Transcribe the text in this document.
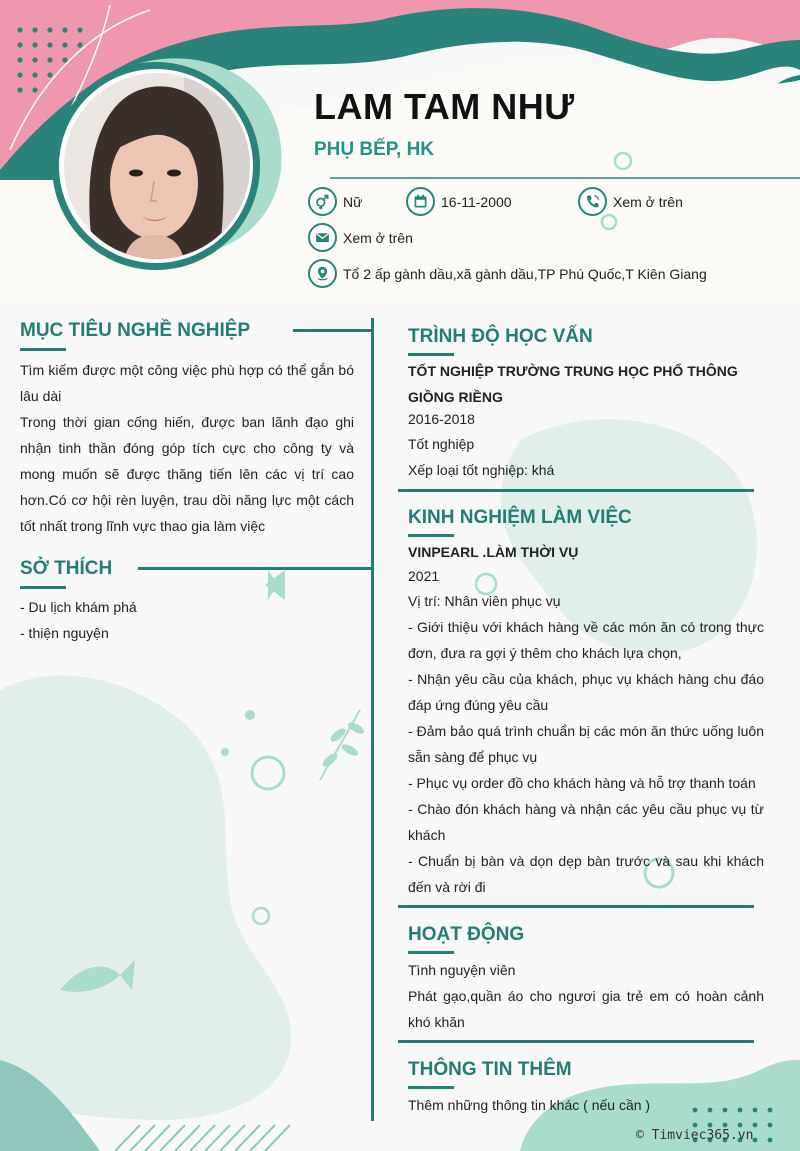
LAM TAM NHƯ
PHỤ BẾP, HK
Nữ	16-11-2000	Xem ở trên
Xem ở trên
Tổ 2 ấp gành dầu,xã gành dầu,TP Phú Quốc,T Kiên Giang
MỤC TIÊU NGHỀ NGHIỆP
Tìm kiếm được một công việc phù hợp có thể gắn bó lâu dài
Trong thời gian cống hiến, được ban lãnh đạo ghi nhận tinh thần đóng góp tích cực cho công ty và mong muốn sẽ được thăng tiến lên các vị trí cao hơn.Có cơ hội rèn luyện, trau dồi năng lực một cách tốt nhất trong lĩnh vực thao gia làm việc
SỞ THÍCH
- Du lịch khám phá
- thiện nguyện
TRÌNH ĐỘ HỌC VẤN
TỐT NGHIỆP TRƯỜNG TRUNG HỌC PHỔ THÔNG GIỒNG RIỀNG
2016-2018
Tốt nghiệp
Xếp loại tốt nghiệp: khá
KINH NGHIỆM LÀM VIỆC
VINPEARL .LÀM THỜI VỤ
2021
Vị trí: Nhân viên phục vụ
- Giới thiệu với khách hàng về các món ăn có trong thực đơn, đưa ra gợi ý thêm cho khách lựa chọn,
- Nhận yêu cầu của khách, phục vụ khách hàng chu đáo đáp ứng đúng yêu cầu
- Đảm bảo quá trình chuẩn bị các món ăn thức uống luôn sẵn sàng để phục vụ
- Phục vụ order đồ cho khách hàng và hỗ trợ thanh toán
- Chào đón khách hàng và nhận các yêu cầu phục vụ từ khách
- Chuẩn bị bàn và dọn dẹp bàn trước và sau khi khách đến và rời đi
HOẠT ĐỘNG
Tình nguyện viên
Phát gạo,quần áo cho ngươi gia trẻ em có hoàn cảnh khó khăn
THÔNG TIN THÊM
Thêm những thông tin khác ( nếu cần )
© Timviec365.vn
